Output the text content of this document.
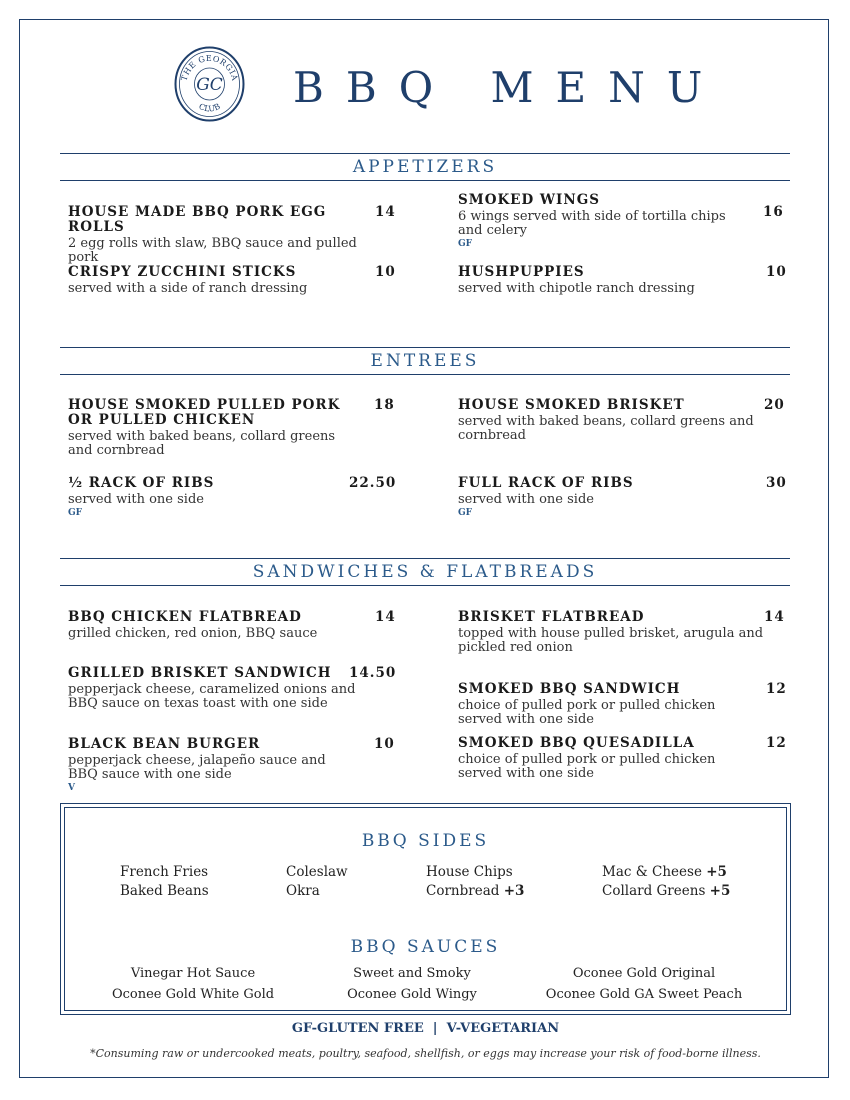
THE GEORGIA
CLUB
GC BBQ MENU
APPETIZERS
HOUSE MADE BBQ PORK EGG ROLLS
2 egg rolls with slaw, BBQ sauce and pulled pork
14
SMOKED WINGS
6 wings served with side of tortilla chips and celery
GF
16
CRISPY ZUCCHINI STICKS
served with a side of ranch dressing
10	HUSHPUPPIES
served with chipotle ranch dressing
10
ENTREES
HOUSE SMOKED PULLED PORK OR PULLED CHICKEN
served with baked beans, collard greens and cornbread
18	HOUSE SMOKED BRISKET
served with baked beans, collard greens and cornbread
20
½ RACK OF RIBS
served with one side
GF
22.50	FULL RACK OF RIBS
served with one side
GF
30
SANDWICHES & FLATBREADS
BBQ CHICKEN FLATBREAD
grilled chicken, red onion, BBQ sauce
14	BRISKET FLATBREAD
topped with house pulled brisket, arugula and pickled red onion
14
GRILLED BRISKET SANDWICH
pepperjack cheese, caramelized onions and BBQ sauce on texas toast with one side
14.50
SMOKED BBQ SANDWICH
choice of pulled pork or pulled chicken served with one side
12
BLACK BEAN BURGER
pepperjack cheese, jalapeño sauce and BBQ sauce with one side
V
10	SMOKED BBQ QUESADILLA
choice of pulled pork or pulled chicken served with one side
12
BBQ SIDES
French Fries	Coleslaw	House Chips	Mac & Cheese +5
Baked Beans	Okra	Cornbread +3	Collard Greens +5
BBQ SAUCES
Vinegar Hot Sauce	Sweet and Smoky	Oconee Gold Original
Oconee Gold White Gold	Oconee Gold Wingy	Oconee Gold GA Sweet Peach
GF-GLUTEN FREE  |  V-VEGETARIAN
*Consuming raw or undercooked meats, poultry, seafood, shellfish, or eggs may increase your risk of food-borne illness.
